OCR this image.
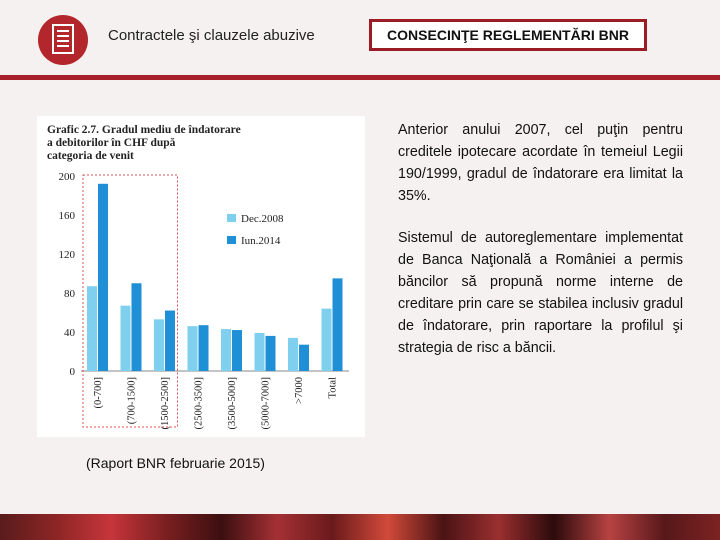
Contractele şi clauzele abuzive	CONSECINŢE REGLEMENTĂRI BNR
Grafic 2.7. Gradul mediu de îndatorare
a debitorilor în CHF după
categoria de venit
0
40
80
120
160
200
(0-700] (700-1500] (1500-2500] (2500-3500] (3500-5000] (5000-7000] >7000 Total
Dec.2008
Iun.2014

Anterior anului 2007, cel puţin pentru creditele ipotecare acordate în temeiul Legii 190/1999, gradul de îndatorare era limitat la 35%.

Sistemul de autoreglementare implementat de Banca Naţională a României a permis băncilor să propună norme interne de creditare prin care se stabilea inclusiv gradul de îndatorare, prin raportare la profilul şi strategia de risc a băncii.

(Raport BNR februarie 2015)
